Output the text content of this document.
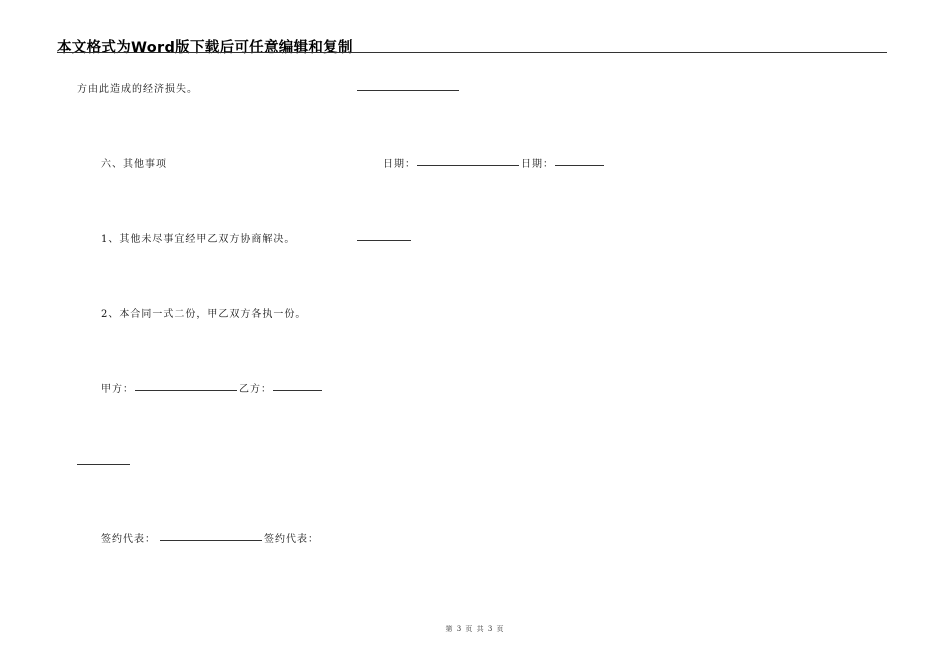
本文格式为Word版下载后可任意编辑和复制
方由此造成的经济损失。
六、其他事项	日期：	日期：
1、其他未尽事宜经甲乙双方协商解决。
2、本合同一式二份，甲乙双方各执一份。
甲方：	乙方：
签约代表：	签约代表：
第 3 页 共 3 页
